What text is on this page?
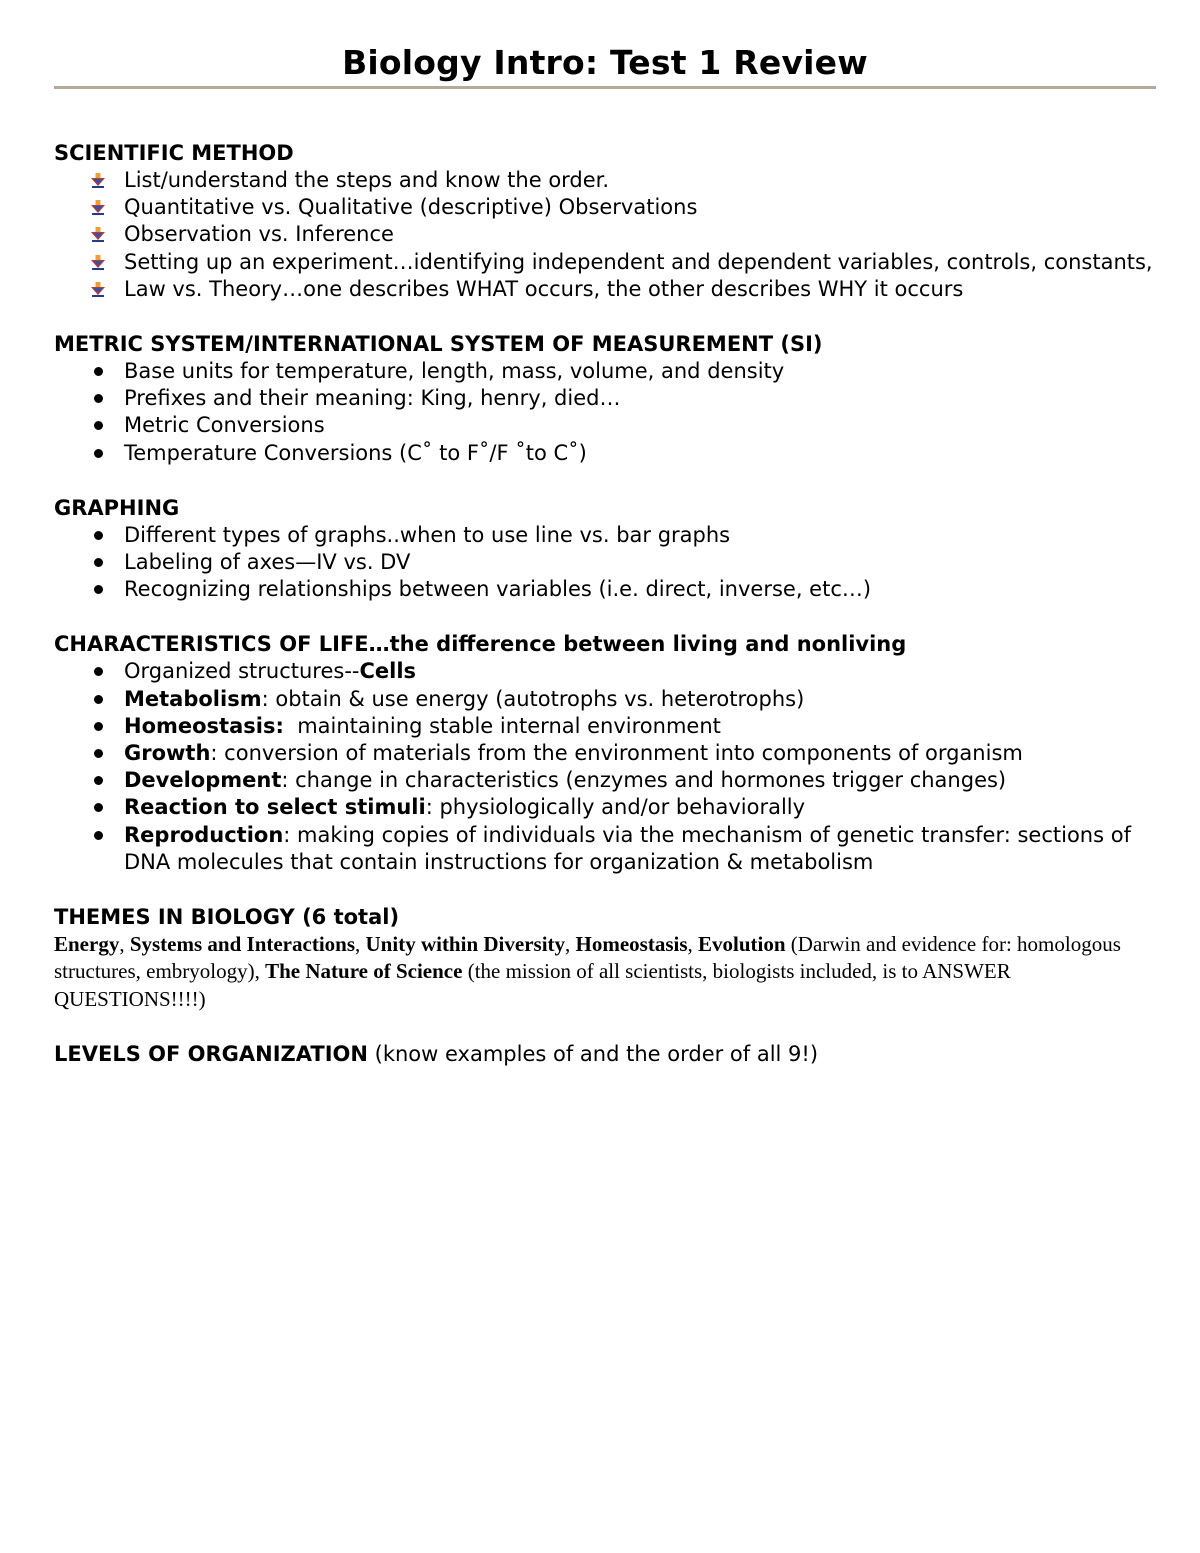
Biology Intro: Test 1 Review

SCIENTIFIC METHOD

List/understand the steps and know the order.
Quantitative vs. Qualitative (descriptive) Observations
Observation vs. Inference
Setting up an experiment…identifying independent and dependent variables, controls, constants,
Law vs. Theory…one describes WHAT occurs, the other describes WHY it occurs

METRIC SYSTEM/INTERNATIONAL SYSTEM OF MEASUREMENT (SI)

Base units for temperature, length, mass, volume, and density
Prefixes and their meaning: King, henry, died…
Metric Conversions
Temperature Conversions (C˚ to F˚/F ˚to C˚)

GRAPHING

Different types of graphs..when to use line vs. bar graphs
Labeling of axes—IV vs. DV
Recognizing relationships between variables (i.e. direct, inverse, etc…)

CHARACTERISTICS OF LIFE…the difference between living and nonliving

Organized structures--Cells
Metabolism: obtain & use energy (autotrophs vs. heterotrophs)
Homeostasis:  maintaining stable internal environment
Growth: conversion of materials from the environment into components of organism
Development: change in characteristics (enzymes and hormones trigger changes)
Reaction to select stimuli: physiologically and/or behaviorally
Reproduction: making copies of individuals via the mechanism of genetic transfer: sections of DNA molecules that contain instructions for organization & metabolism

THEMES IN BIOLOGY (6 total)

Energy, Systems and Interactions, Unity within Diversity, Homeostasis, Evolution (Darwin and evidence for: homologous structures, embryology), The Nature of Science (the mission of all scientists, biologists included, is to ANSWER QUESTIONS!!!!)

LEVELS OF ORGANIZATION (know examples of and the order of all 9!)
